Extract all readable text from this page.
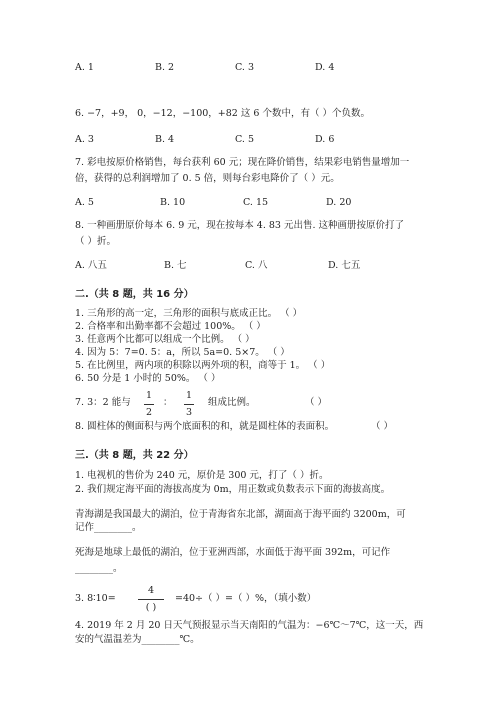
A. 1	B. 2	C. 3	D. 4
6. −7，+9， 0，−12，−100，+82 这 6 个数中，有（ ）个负数。
A. 3	B. 4	C. 5	D. 6
7. 彩电按原价格销售，每台获利 60 元；现在降价销售，结果彩电销售量增加一
倍，获得的总利润增加了 0. 5 倍，则每台彩电降价了（ ）元。
A. 5	B. 10	C. 15	D. 20
8. 一种画册原价每本 6. 9 元，现在按每本 4. 83 元出售. 这种画册按原价打了
（ ）折。
A. 八五	B. 七	C. 八	D. 七五
二.（共 8 题，共 16 分）
1. 三角形的高一定，三角形的面积与底成正比。 （ ）
2. 合格率和出勤率都不会超过 100%。 （ ）
3. 任意两个比都可以组成一个比例。 （ ）
4. 因为 5：7=0. 5：a，所以 5a=0. 5×7。 （ ）
5. 在比例里，两内项的积除以两外项的积，商等于 1。 （ ）
6. 50 分是 1 小时的 50%。 （ ）
7. 3：2 能与
1
2
：
1
3
组成比例。	（ ）
8. 圆柱体的侧面积与两个底面积的和，就是圆柱体的表面积。	（ ）
三.（共 8 题，共 22 分）
1. 电视机的售价为 240 元，原价是 300 元，打了（ ）折。
2. 我们规定海平面的海拔高度为 0m，用正数或负数表示下面的海拔高度。
青海湖是我国最大的湖泊，位于青海省东北部，湖面高于海平面约 3200m，可
记作________。
死海是地球上最低的湖泊，位于亚洲西部，水面低于海平面 392m，可记作
________。
3. 8∶10=
4
( )
=40÷（ ）=（ ）%，（填小数）
4. 2019 年 2 月 20 日天气预报显示当天南阳的气温为：−6℃～7℃，这一天，西
安的气温温差为________℃。
